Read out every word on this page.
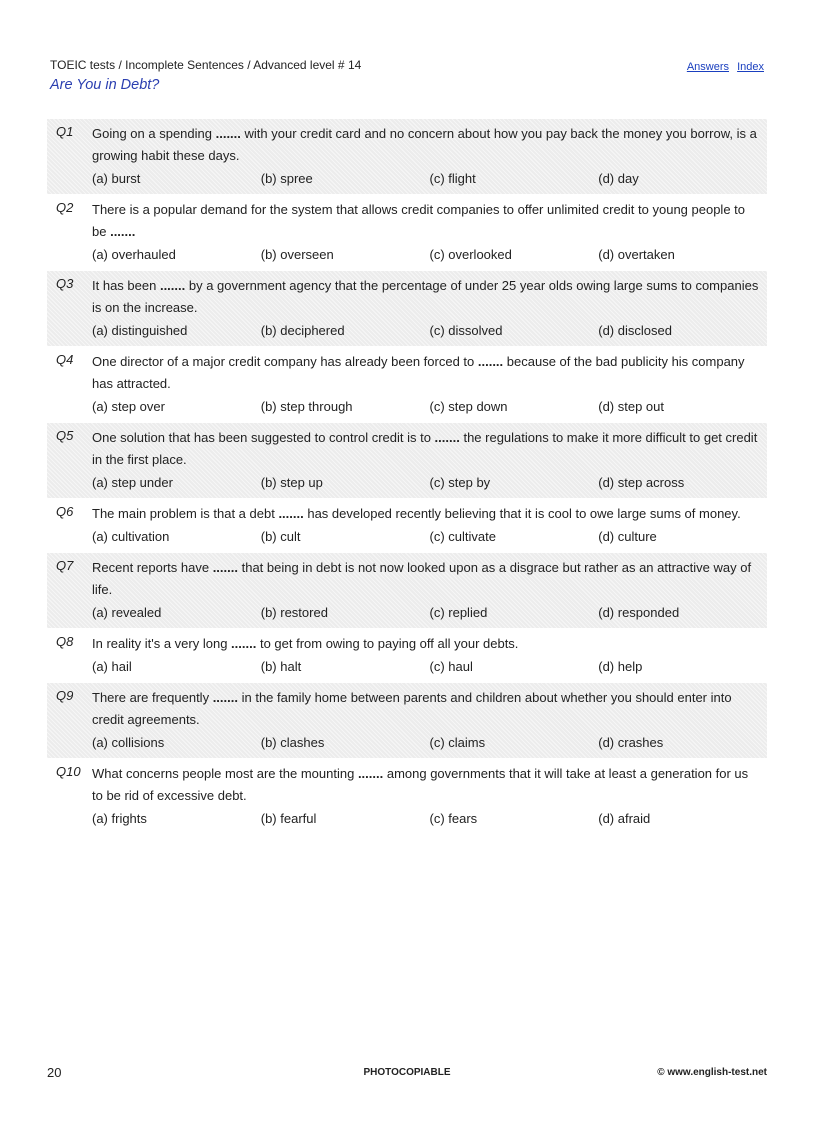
TOEIC tests / Incomplete Sentences / Advanced level # 14	Answers Index
Are You in Debt?
Q1 Going on a spending ....... with your credit card and no concern about how you pay back the money you borrow, is a growing habit these days.
(a) burst	(b) spree	(c) flight	(d) day
Q2 There is a popular demand for the system that allows credit companies to offer unlimited credit to young people to be .......
(a) overhauled	(b) overseen	(c) overlooked	(d) overtaken
Q3 It has been ....... by a government agency that the percentage of under 25 year olds owing large sums to companies is on the increase.
(a) distinguished	(b) deciphered	(c) dissolved	(d) disclosed
Q4 One director of a major credit company has already been forced to ....... because of the bad publicity his company has attracted.
(a) step over	(b) step through	(c) step down	(d) step out
Q5 One solution that has been suggested to control credit is to ....... the regulations to make it more difficult to get credit in the first place.
(a) step under	(b) step up	(c) step by	(d) step across
Q6 The main problem is that a debt ....... has developed recently believing that it is cool to owe large sums of money.
(a) cultivation	(b) cult	(c) cultivate	(d) culture
Q7 Recent reports have ....... that being in debt is not now looked upon as a disgrace but rather as an attractive way of life.
(a) revealed	(b) restored	(c) replied	(d) responded
Q8 In reality it's a very long ....... to get from owing to paying off all your debts.
(a) hail	(b) halt	(c) haul	(d) help
Q9 There are frequently ....... in the family home between parents and children about whether you should enter into credit agreements.
(a) collisions	(b) clashes	(c) claims	(d) crashes
Q10 What concerns people most are the mounting ....... among governments that it will take at least a generation for us to be rid of excessive debt.
(a) frights	(b) fearful	(c) fears	(d) afraid
20	PHOTOCOPIABLE	© www.english-test.net
